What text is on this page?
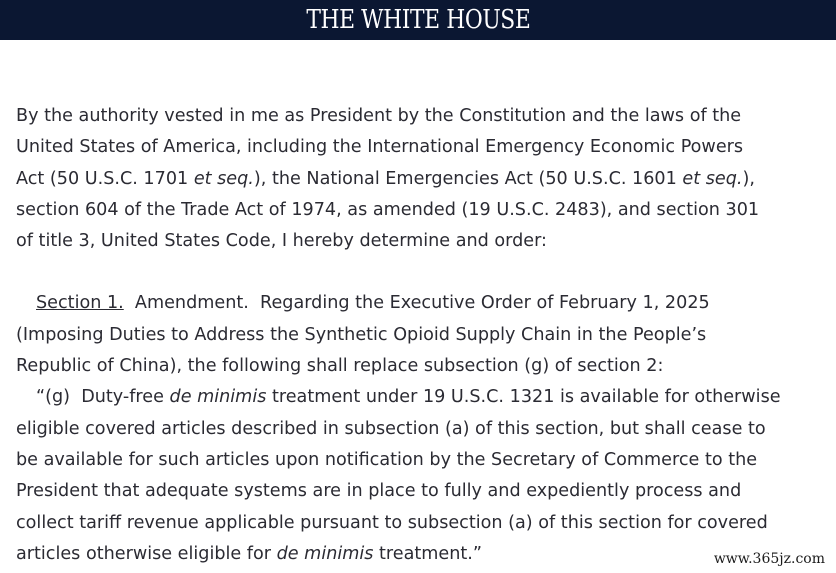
THE WHITE HOUSE

By the authority vested in me as President by the Constitution and the laws of the
United States of America, including the International Emergency Economic Powers
Act (50 U.S.C. 1701 et seq.), the National Emergencies Act (50 U.S.C. 1601 et seq.),
section 604 of the Trade Act of 1974, as amended (19 U.S.C. 2483), and section 301
of title 3, United States Code, I hereby determine and order:

Section 1.  Amendment.  Regarding the Executive Order of February 1, 2025
(Imposing Duties to Address the Synthetic Opioid Supply Chain in the People’s
Republic of China), the following shall replace subsection (g) of section 2:

“(g)  Duty-free de minimis treatment under 19 U.S.C. 1321 is available for otherwise
eligible covered articles described in subsection (a) of this section, but shall cease to
be available for such articles upon notification by the Secretary of Commerce to the
President that adequate systems are in place to fully and expediently process and
collect tariff revenue applicable pursuant to subsection (a) of this section for covered
articles otherwise eligible for de minimis treatment.”	www.365jz.com
